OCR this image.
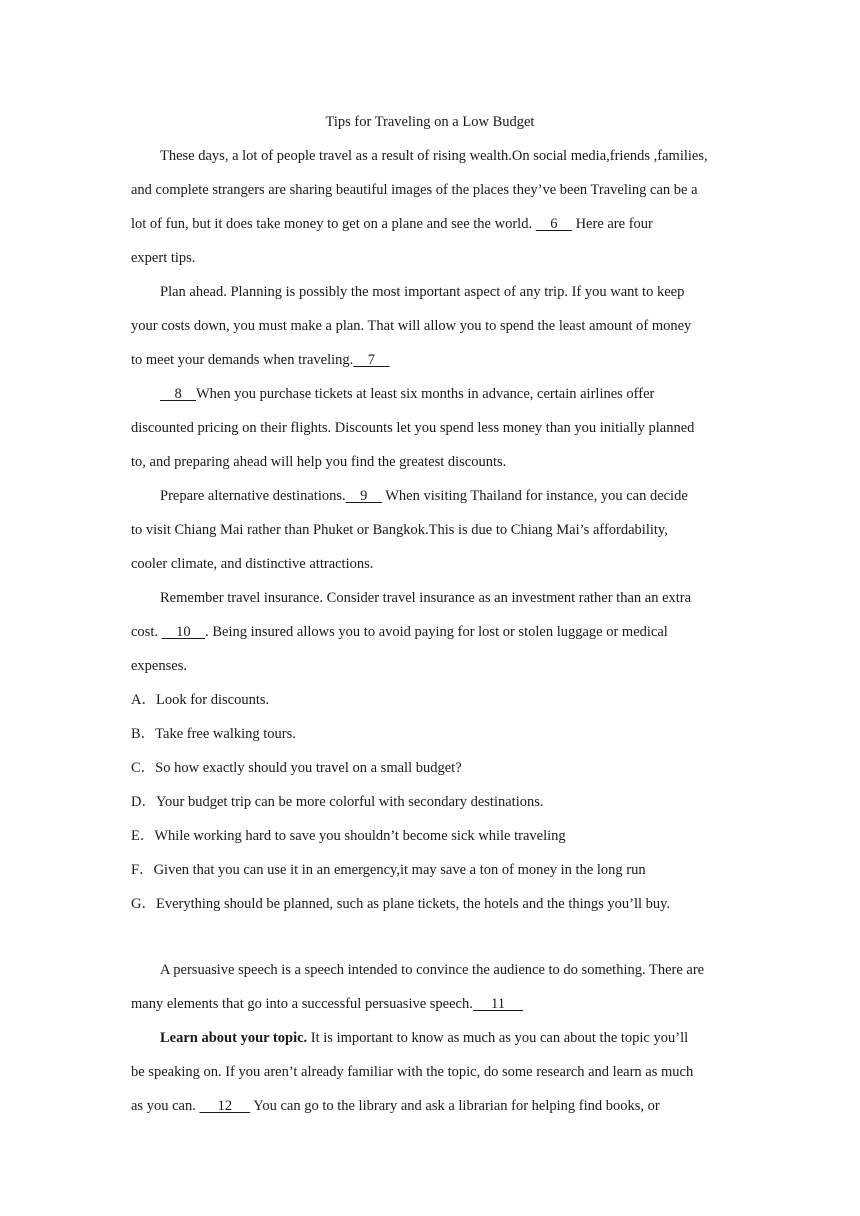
Tips for Traveling on a Low Budget
These days, a lot of people travel as a result of rising wealth.On social media,friends ,families,
and complete strangers are sharing beautiful images of the places they’ve been Traveling can be a
lot of fun, but it does take money to get on a plane and see the world.     6     Here are four
expert tips.
Plan ahead. Planning is possibly the most important aspect of any trip. If you want to keep
your costs down, you must make a plan. That will allow you to spend the least amount of money
to meet your demands when traveling.    7
8    When you purchase tickets at least six months in advance, certain airlines offer
discounted pricing on their flights. Discounts let you spend less money than you initially planned
to, and preparing ahead will help you find the greatest discounts.
Prepare alternative destinations.    9     When visiting Thailand for instance, you can decide
to visit Chiang Mai rather than Phuket or Bangkok.This is due to Chiang Mai’s affordability,
cooler climate, and distinctive attractions.
Remember travel insurance. Consider travel insurance as an investment rather than an extra
cost.     10    . Being insured allows you to avoid paying for lost or stolen luggage or medical
expenses.
A．Look for discounts.
B．Take free walking tours.
C．So how exactly should you travel on a small budget?
D．Your budget trip can be more colorful with secondary destinations.
E．While working hard to save you shouldn’t become sick while traveling
F．Given that you can use it in an emergency,it may save a ton of money in the long run
G．Everything should be planned, such as plane tickets, the hotels and the things you’ll buy.
A persuasive speech is a speech intended to convince the audience to do something. There are
many elements that go into a successful persuasive speech.     11
Learn about your topic. It is important to know as much as you can about the topic you’ll
be speaking on. If you aren’t already familiar with the topic, do some research and learn as much
as you can.      12      You can go to the library and ask a librarian for helping find books, or
